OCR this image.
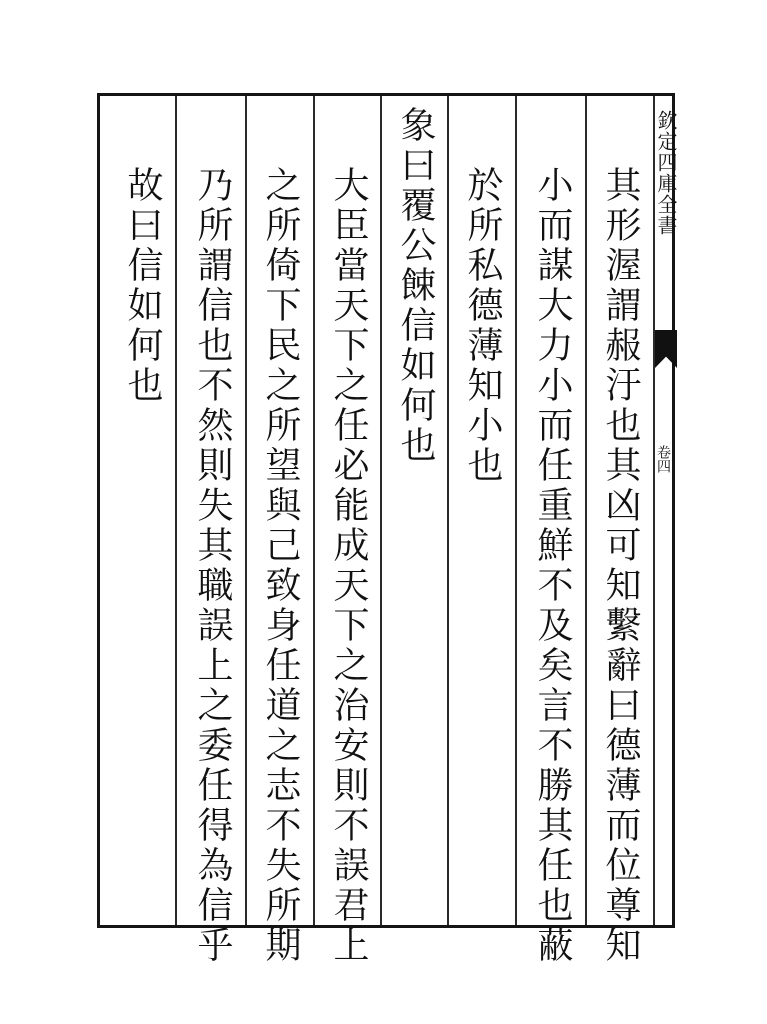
其形渥謂赧汙也其凶可知繫辭曰德薄而位尊知
小而謀大力小而任重鮮不及矣言不勝其任也蔽
於所私德薄知小也
象曰覆公餗信如何也
大臣當天下之任必能成天下之治安則不誤君上
之所倚下民之所望與己致身任道之志不失所期
乃所謂信也不然則失其職誤上之委任得為信乎
故曰信如何也	欽定四庫全書
卷四
